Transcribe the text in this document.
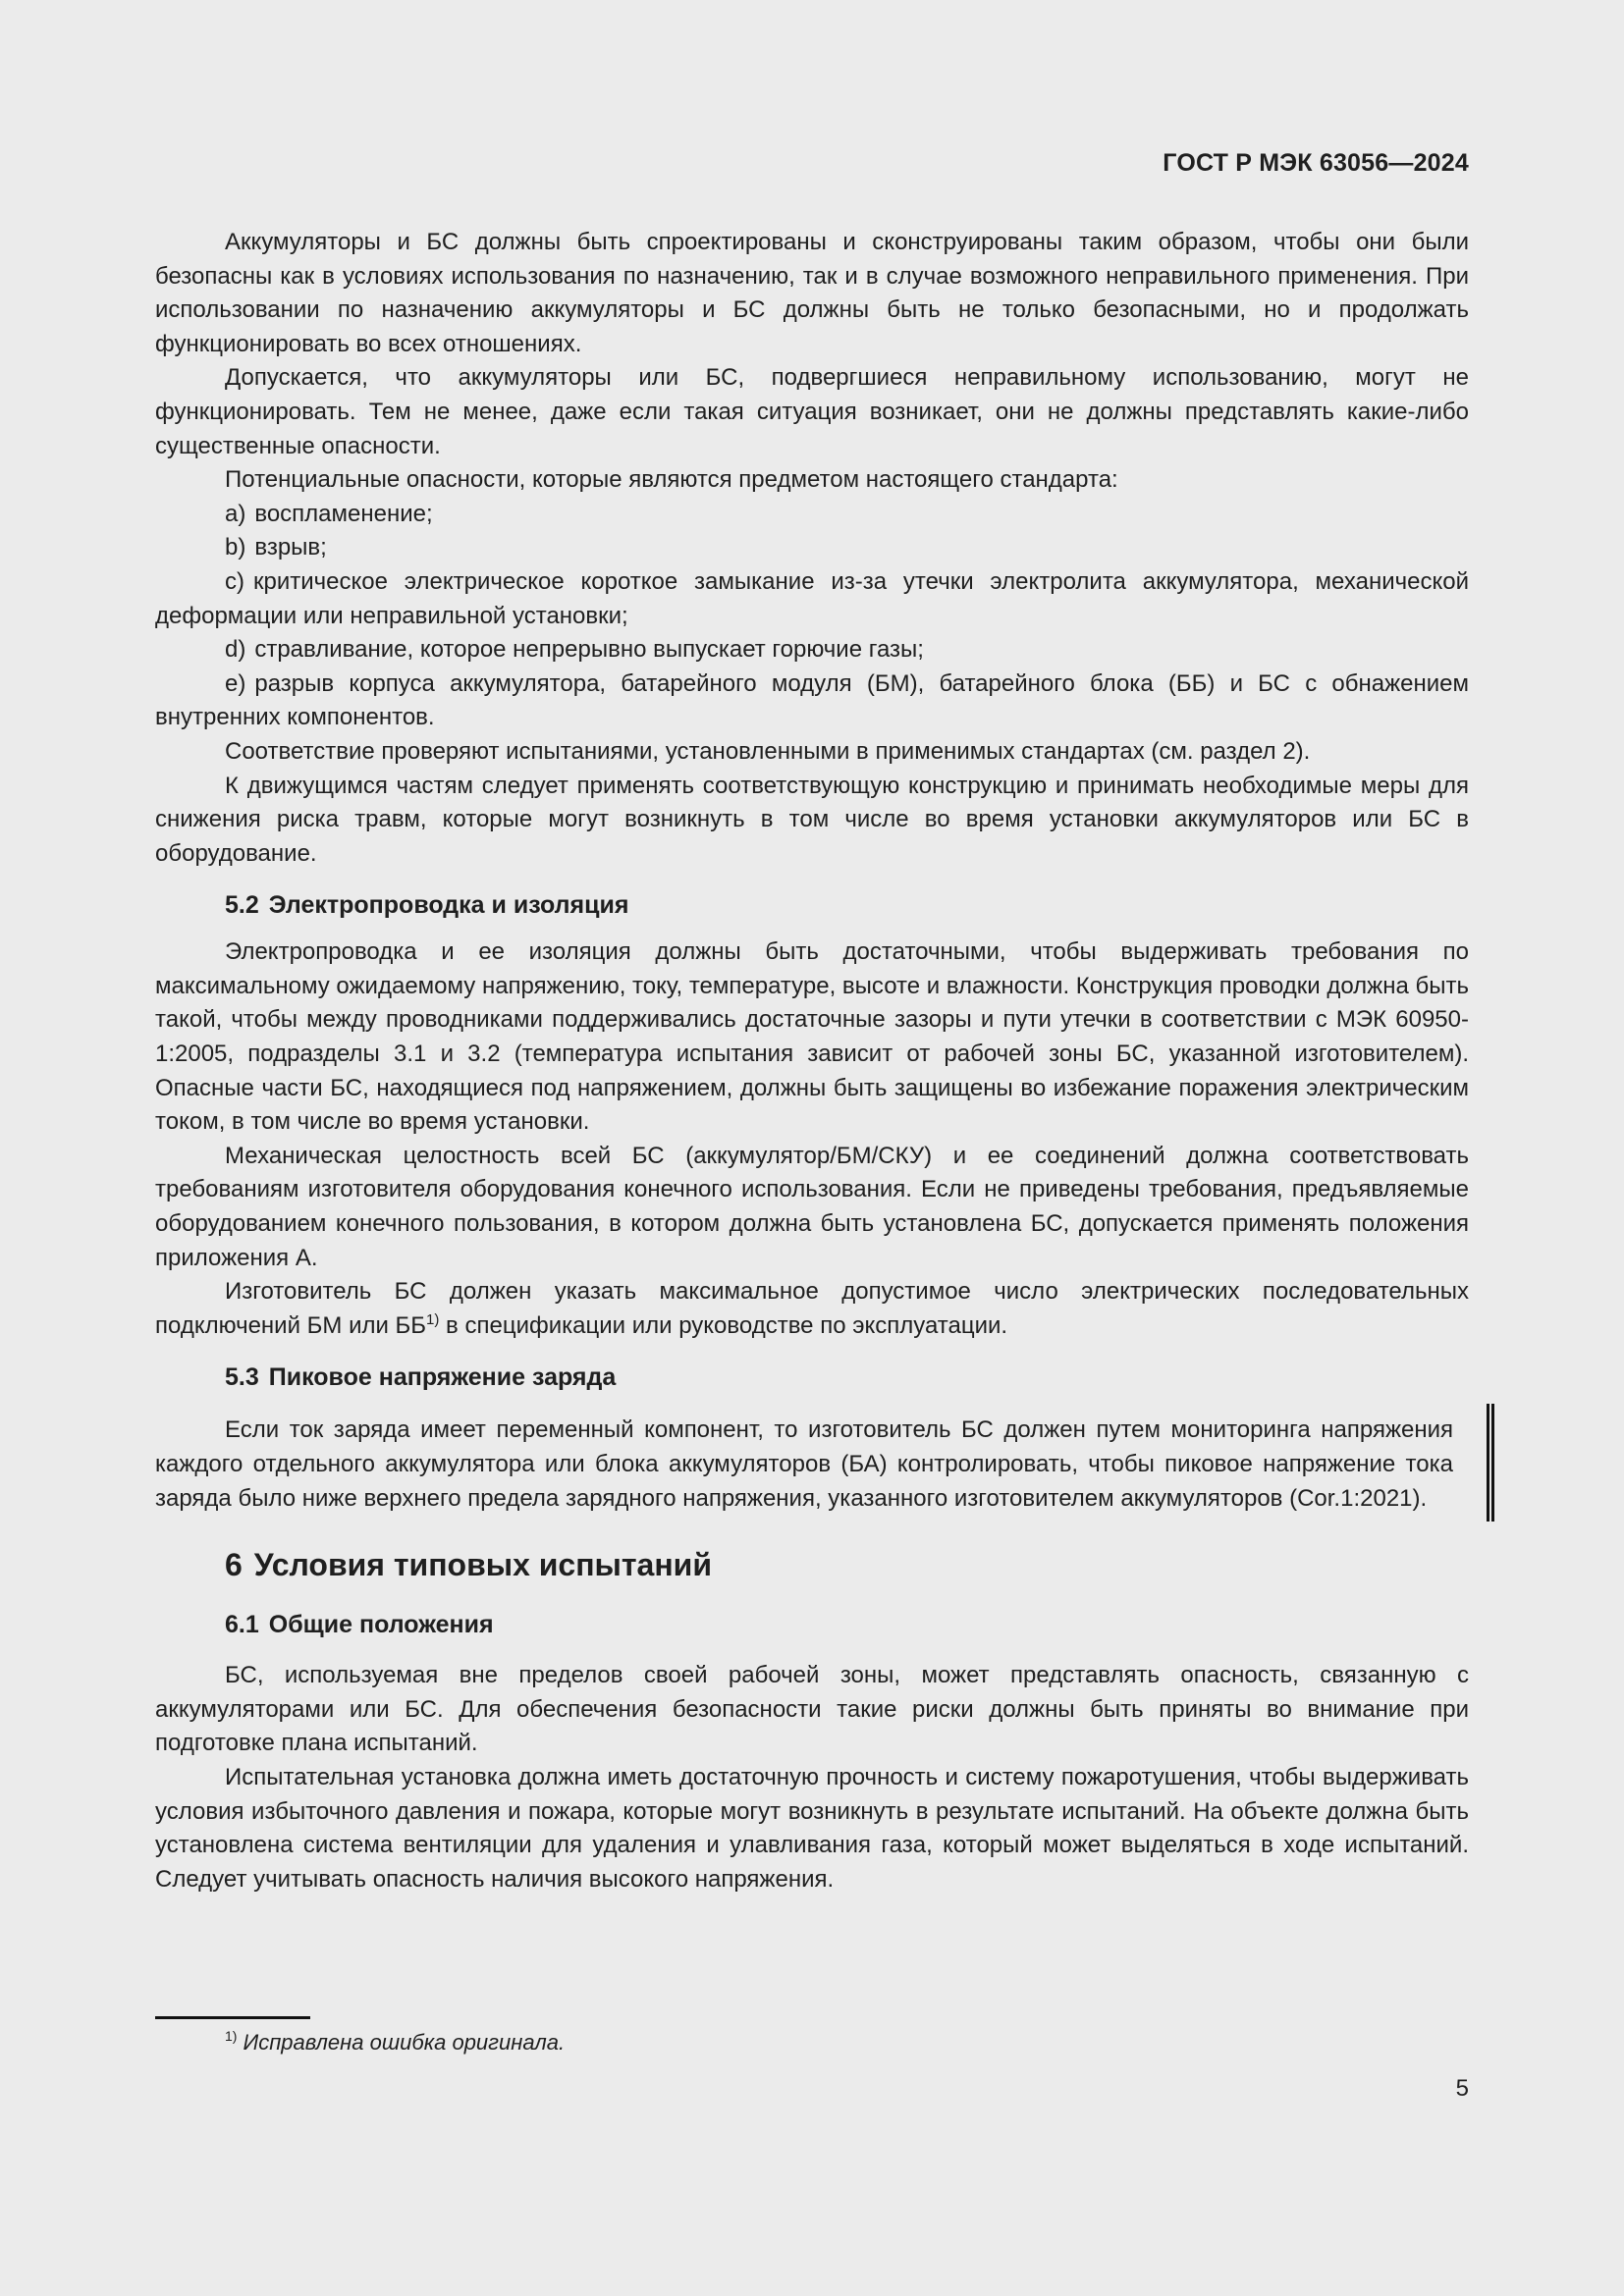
ГОСТ Р МЭК 63056—2024

Аккумуляторы и БС должны быть спроектированы и сконструированы таким образом, чтобы они были безопасны как в условиях использования по назначению, так и в случае возможного неправильного применения. При использовании по назначению аккумуляторы и БС должны быть не только безопасными, но и продолжать функционировать во всех отношениях.

Допускается, что аккумуляторы или БС, подвергшиеся неправильному использованию, могут не функционировать. Тем не менее, даже если такая ситуация возникает, они не должны представлять какие-либо существенные опасности.

Потенциальные опасности, которые являются предметом настоящего стандарта:

a) воспламенение;

b) взрыв;

c) критическое электрическое короткое замыкание из-за утечки электролита аккумулятора, механической деформации или неправильной установки;

d) стравливание, которое непрерывно выпускает горючие газы;

e) разрыв корпуса аккумулятора, батарейного модуля (БМ), батарейного блока (ББ) и БС с обнажением внутренних компонентов.

Соответствие проверяют испытаниями, установленными в применимых стандартах (см. раздел 2).

К движущимся частям следует применять соответствующую конструкцию и принимать необходимые меры для снижения риска травм, которые могут возникнуть в том числе во время установки аккумуляторов или БС в оборудование.

5.2 Электропроводка и изоляция

Электропроводка и ее изоляция должны быть достаточными, чтобы выдерживать требования по максимальному ожидаемому напряжению, току, температуре, высоте и влажности. Конструкция проводки должна быть такой, чтобы между проводниками поддерживались достаточные зазоры и пути утечки в соответствии с МЭК 60950-1:2005, подразделы 3.1 и 3.2 (температура испытания зависит от рабочей зоны БС, указанной изготовителем). Опасные части БС, находящиеся под напряжением, должны быть защищены во избежание поражения электрическим током, в том числе во время установки.

Механическая целостность всей БС (аккумулятор/БМ/СКУ) и ее соединений должна соответствовать требованиям изготовителя оборудования конечного использования. Если не приведены требования, предъявляемые оборудованием конечного пользования, в котором должна быть установлена БС, допускается применять положения приложения А.

Изготовитель БС должен указать максимальное допустимое число электрических последовательных подключений БМ или ББ$^{1)}$ в спецификации или руководстве по эксплуатации.

5.3 Пиковое напряжение заряда

Если ток заряда имеет переменный компонент, то изготовитель БС должен путем мониторинга напряжения каждого отдельного аккумулятора или блока аккумуляторов (БА) контролировать, чтобы пиковое напряжение тока заряда было ниже верхнего предела зарядного напряжения, указанного изготовителем аккумуляторов (Cor.1:2021).

6 Условия типовых испытаний
6.1 Общие положения

БС, используемая вне пределов своей рабочей зоны, может представлять опасность, связанную с аккумуляторами или БС. Для обеспечения безопасности такие риски должны быть приняты во внимание при подготовке плана испытаний.

Испытательная установка должна иметь достаточную прочность и систему пожаротушения, чтобы выдерживать условия избыточного давления и пожара, которые могут возникнуть в результате испытаний. На объекте должна быть установлена система вентиляции для удаления и улавливания газа, который может выделяться в ходе испытаний. Следует учитывать опасность наличия высокого напряжения.

$^{1)}$ Исправлена ошибка оригинала.
5
